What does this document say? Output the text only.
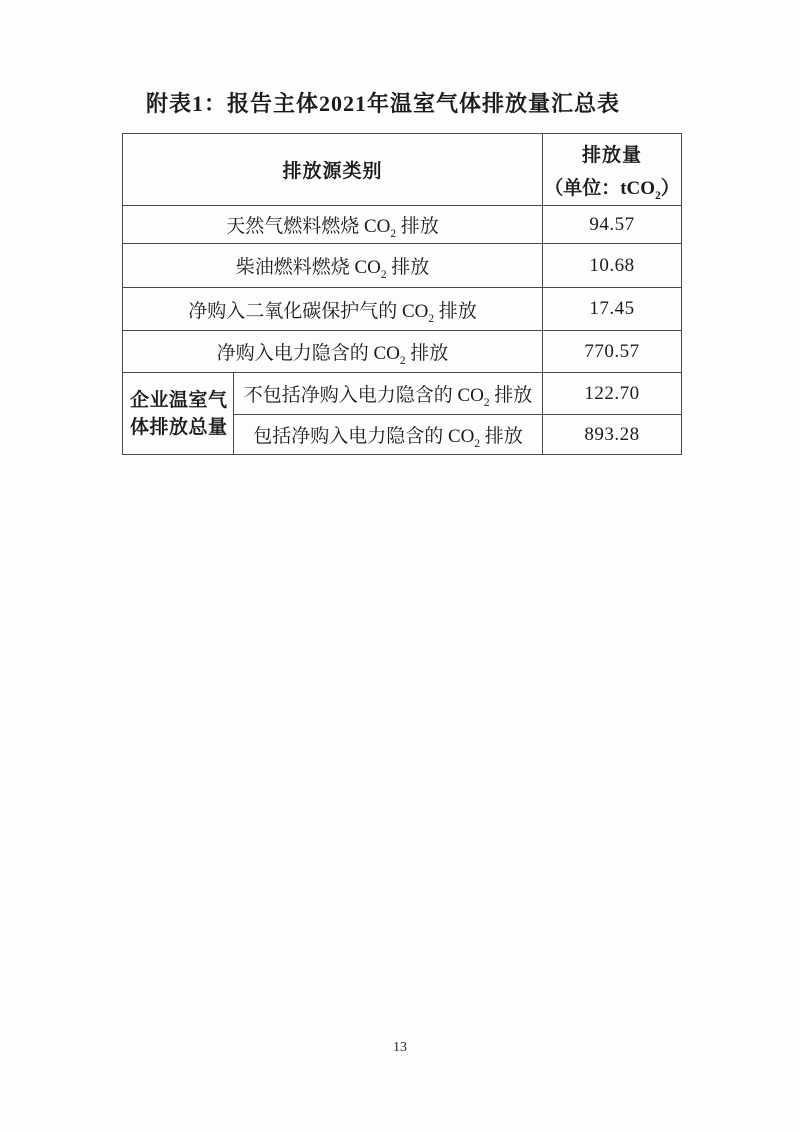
附表1：报告主体2021年温室气体排放量汇总表
排放源类别		排放量
（单位：tCO$_2$）

天然气燃料燃烧 $CO_2$ 排放		94.57
柴油燃料燃烧 $CO_2$ 排放		10.68
净购入二氧化碳保护气的 $CO_2$ 排放		17.45
净购入电力隐含的 $CO_2$ 排放		770.57
企业温室气体排放总量	不包括净购入电力隐含的 $CO_2$ 排放	122.70
	包括净购入电力隐含的 $CO_2$ 排放	893.28
13
